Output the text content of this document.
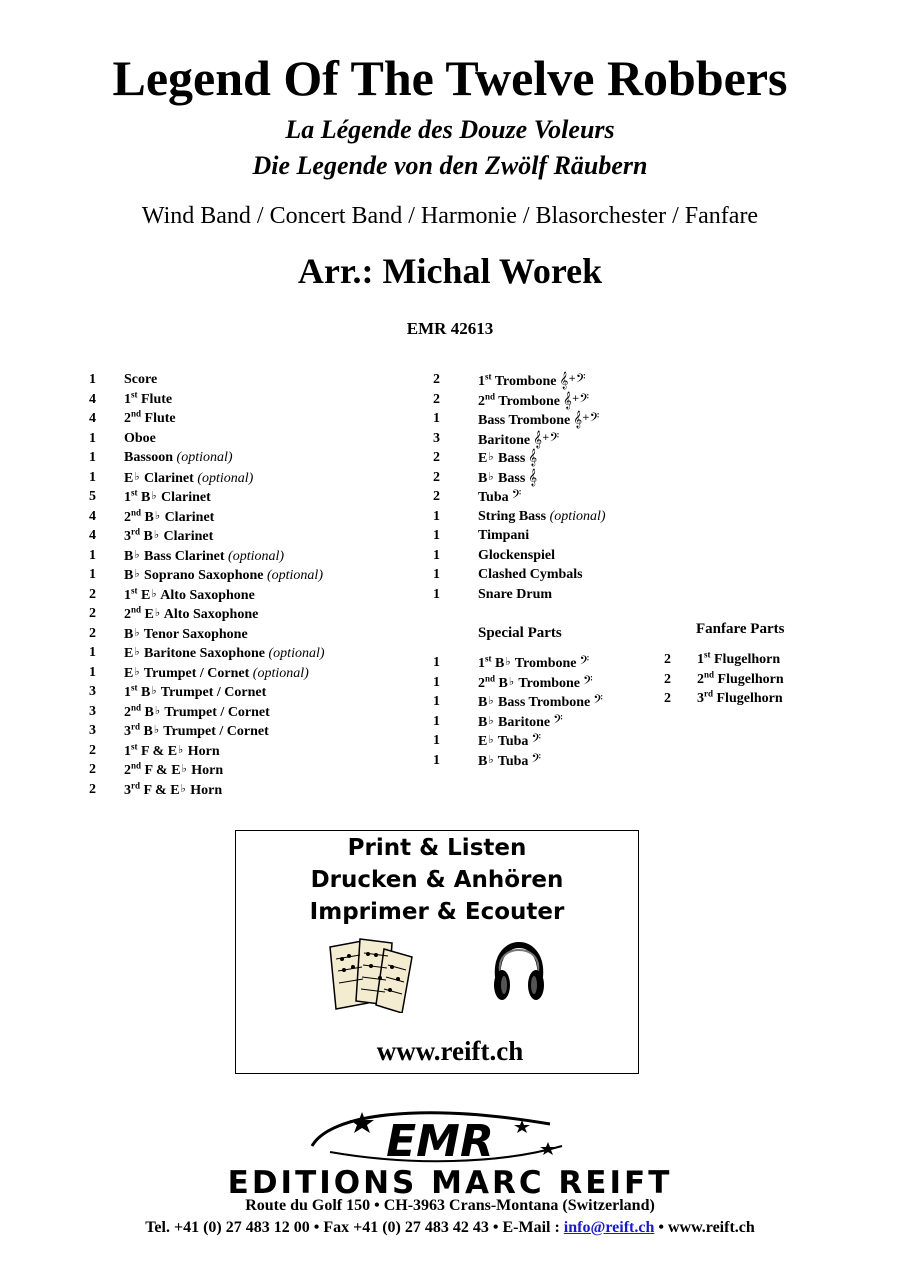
Legend Of The Twelve Robbers
La Légende des Douze Voleurs
Die Legende von den Zwölf Räubern
Wind Band / Concert Band / Harmonie / Blasorchester / Fanfare
Arr.: Michal Worek
EMR 42613
1 Score
4 1st Flute
4 2nd Flute
1 Oboe
1 Bassoon (optional)
1 E♭ Clarinet (optional)
5 1st B♭ Clarinet
4 2nd B♭ Clarinet
4 3rd B♭ Clarinet
1 B♭ Bass Clarinet (optional)
1 B♭ Soprano Saxophone (optional)
2 1st E♭ Alto Saxophone
2 2nd E♭ Alto Saxophone
2 B♭ Tenor Saxophone
1 E♭ Baritone Saxophone (optional)
1 E♭ Trumpet / Cornet (optional)
3 1st B♭ Trumpet / Cornet
3 2nd B♭ Trumpet / Cornet
3 3rd B♭ Trumpet / Cornet
2 1st F & E♭ Horn
2 2nd F & E♭ Horn
2 3rd F & E♭ Horn
2	1st Trombone 𝄞+𝄢
2	2nd Trombone 𝄞+𝄢
1	Bass Trombone 𝄞+𝄢
3	Baritone 𝄞+𝄢
2	E♭ Bass 𝄞
2	B♭ Bass 𝄞
2	Tuba 𝄢
1	String Bass (optional)
1	Timpani
1	Glockenspiel
1	Clashed Cymbals
1	Snare Drum
Special Parts
1	1st B♭ Trombone 𝄢
1	2nd B♭ Trombone 𝄢
1	B♭ Bass Trombone 𝄢
1	B♭ Baritone 𝄢
1	E♭ Tuba 𝄢
1	B♭ Tuba 𝄢
Fanfare Parts
2 1st Flugelhorn
2 2nd Flugelhorn
2 3rd Flugelhorn
Print & Listen
Drucken & Anhören
Imprimer & Ecouter
www.reift.ch
EMR
EDITIONS MARC REIFT
Route du Golf 150 • CH-3963 Crans-Montana (Switzerland)
Tel. +41 (0) 27 483 12 00 • Fax +41 (0) 27 483 42 43 • E-Mail : info@reift.ch • www.reift.ch
